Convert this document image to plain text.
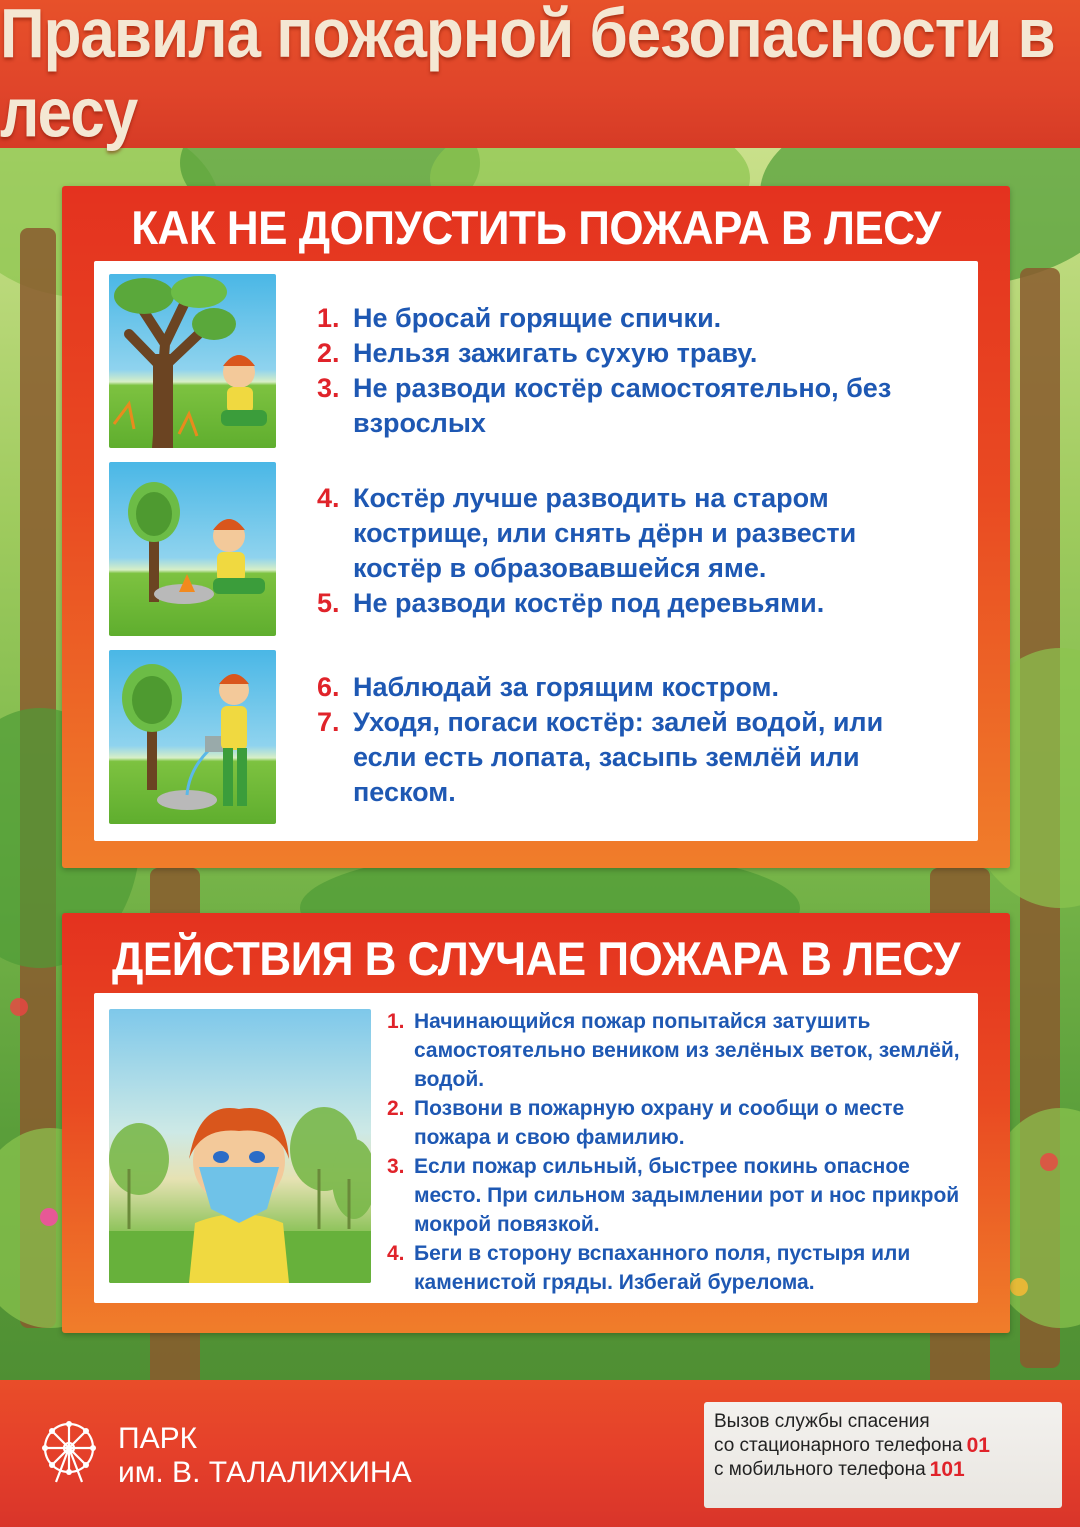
Правила пожарной безопасности в лесу
КАК НЕ ДОПУСТИТЬ ПОЖАРА В ЛЕСУ
1. Не бросай горящие спички.
2. Нельзя зажигать сухую траву.
3. Не разводи костёр самостоятельно, без взрослых
4. Костёр лучше разводить на старом кострище, или снять дёрн и развести костёр в образовавшейся яме.
5. Не разводи костёр под деревьями.
6. Наблюдай за горящим костром.
7. Уходя, погаси костёр: залей водой, или если есть лопата, засыпь землёй или песком.
ДЕЙСТВИЯ В СЛУЧАЕ ПОЖАРА В ЛЕСУ
1. Начинающийся пожар попытайся затушить самостоятельно веником из зелёных веток, землёй, водой.
2. Позвони в пожарную охрану и сообщи о месте пожара и свою фамилию.
3. Если пожар сильный, быстрее покинь опасное место. При сильном задымлении рот и нос прикрой мокрой повязкой.
4. Беги в сторону вспаханного поля, пустыря или каменистой гряды. Избегай бурелома.
ПАРК
им. В. ТАЛАЛИХИНА
Вызов службы спасения
со стационарного телефона 01
с мобильного телефона 101
